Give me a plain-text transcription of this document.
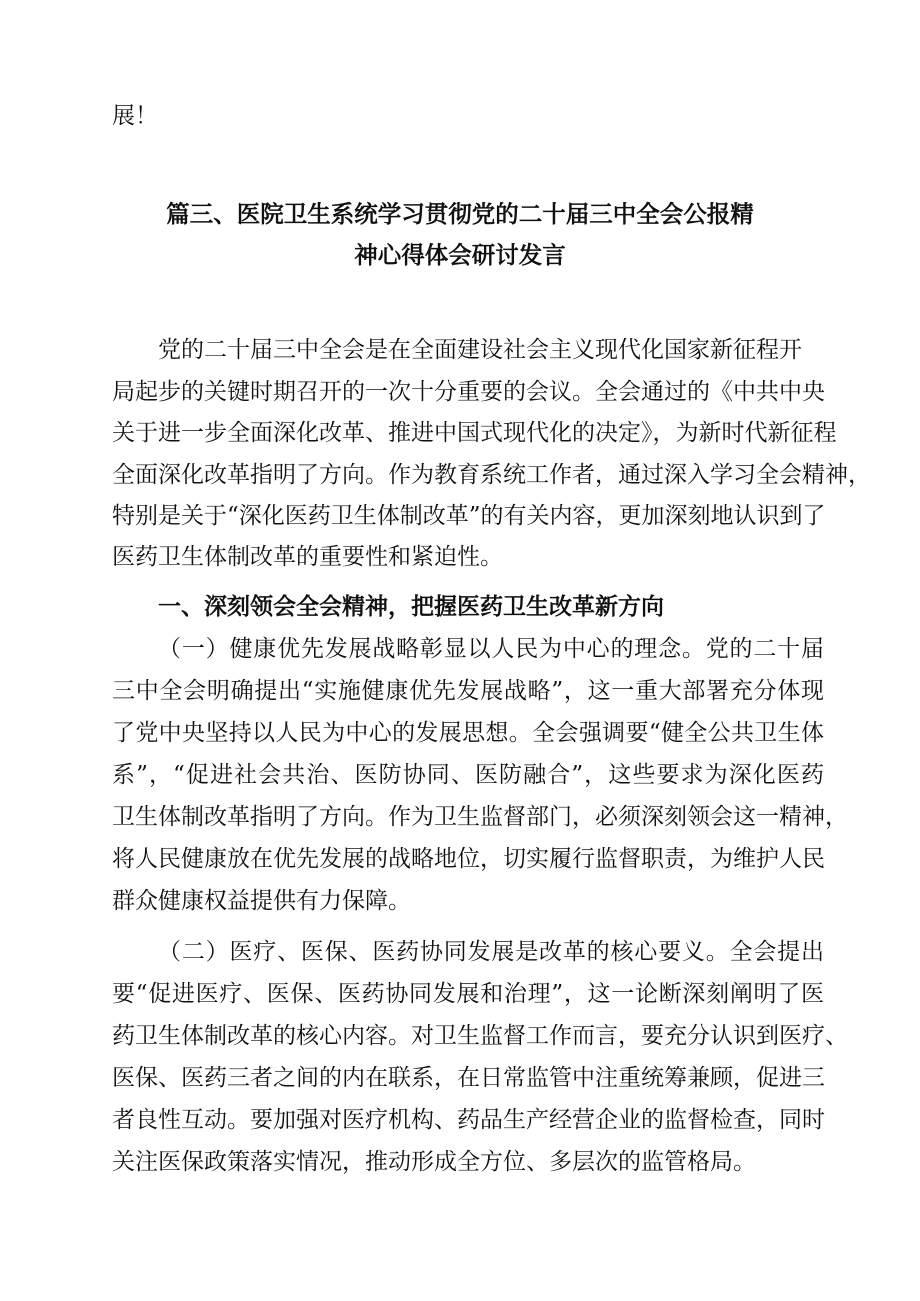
展！

篇三、医院卫生系统学习贯彻党的二十届三中全会公报精

神心得体会研讨发言

党的二十届三中全会是在全面建设社会主义现代化国家新征程开

局起步的关键时期召开的一次十分重要的会议。全会通过的《中共中央

关于进一步全面深化改革、推进中国式现代化的决定》，为新时代新征程

全面深化改革指明了方向。作为教育系统工作者，通过深入学习全会精神，

特别是关于“深化医药卫生体制改革”的有关内容，更加深刻地认识到了

医药卫生体制改革的重要性和紧迫性。

一、深刻领会全会精神，把握医药卫生改革新方向

（一）健康优先发展战略彰显以人民为中心的理念。党的二十届

三中全会明确提出“实施健康优先发展战略”，这一重大部署充分体现

了党中央坚持以人民为中心的发展思想。全会强调要“健全公共卫生体

系”，“促进社会共治、医防协同、医防融合”，这些要求为深化医药

卫生体制改革指明了方向。作为卫生监督部门，必须深刻领会这一精神，

将人民健康放在优先发展的战略地位，切实履行监督职责，为维护人民

群众健康权益提供有力保障。

（二）医疗、医保、医药协同发展是改革的核心要义。全会提出

要“促进医疗、医保、医药协同发展和治理”，这一论断深刻阐明了医

药卫生体制改革的核心内容。对卫生监督工作而言，要充分认识到医疗、

医保、医药三者之间的内在联系，在日常监管中注重统筹兼顾，促进三

者良性互动。要加强对医疗机构、药品生产经营企业的监督检查，同时

关注医保政策落实情况，推动形成全方位、多层次的监管格局。
